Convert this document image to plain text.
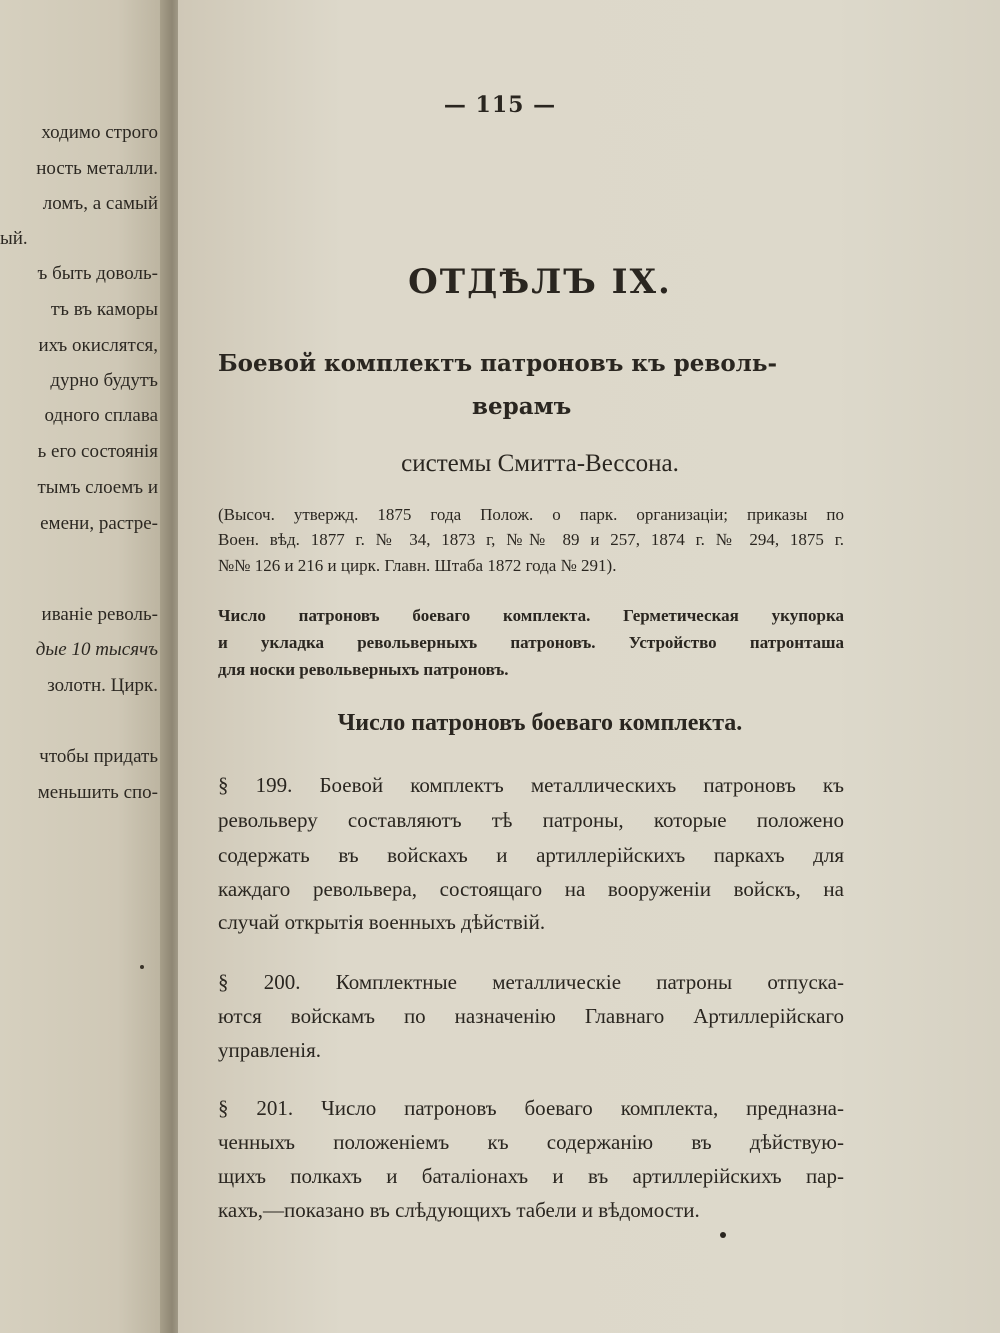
ходимо строго
ность металли.
ломъ, а самый
ый.
ъ быть доволь-
тъ въ каморы
ихъ окислятся,
дурно будутъ
одного сплава
ь его состоянія
тымъ слоемъ и
емени, растре-
иваніе револь-
дые 10 тысячъ
золотн. Цирк.
чтобы придать
меньшить спо-
— 115 —
ОТДѢЛЪ IX.
Боевой комплектъ патроновъ къ револь-
верамъ
системы Смитта-Вессона.
(Высоч. утвержд. 1875 года Полож. о парк. организаціи; приказы по
Воен. вѣд. 1877 г. № 34, 1873 г, №№ 89 и 257, 1874 г. № 294, 1875 г.
№№ 126 и 216 и цирк. Главн. Штаба 1872 года № 291).
Число патроновъ боеваго комплекта. Герметическая укупорка
и укладка револьверныхъ патроновъ. Устройство патронташа
для носки револьверныхъ патроновъ.
Число патроновъ боеваго комплекта.
§ 199. Боевой комплектъ металлическихъ патроновъ къ
револьверу составляютъ тѣ патроны, которые положено
содержать въ войскахъ и артиллерійскихъ паркахъ для
каждаго револьвера, состоящаго на вооруженіи войскъ, на
случай открытія военныхъ дѣйствій.
§ 200. Комплектные металлическіе патроны отпуска-
ются войскамъ по назначенію Главнаго Артиллерійскаго
управленія.
§ 201. Число патроновъ боеваго комплекта, предназна-
ченныхъ положеніемъ къ содержанію въ дѣйствую-
щихъ полкахъ и баталіонахъ и въ артиллерійскихъ пар-
кахъ,—показано въ слѣдующихъ табели и вѣдомости.
